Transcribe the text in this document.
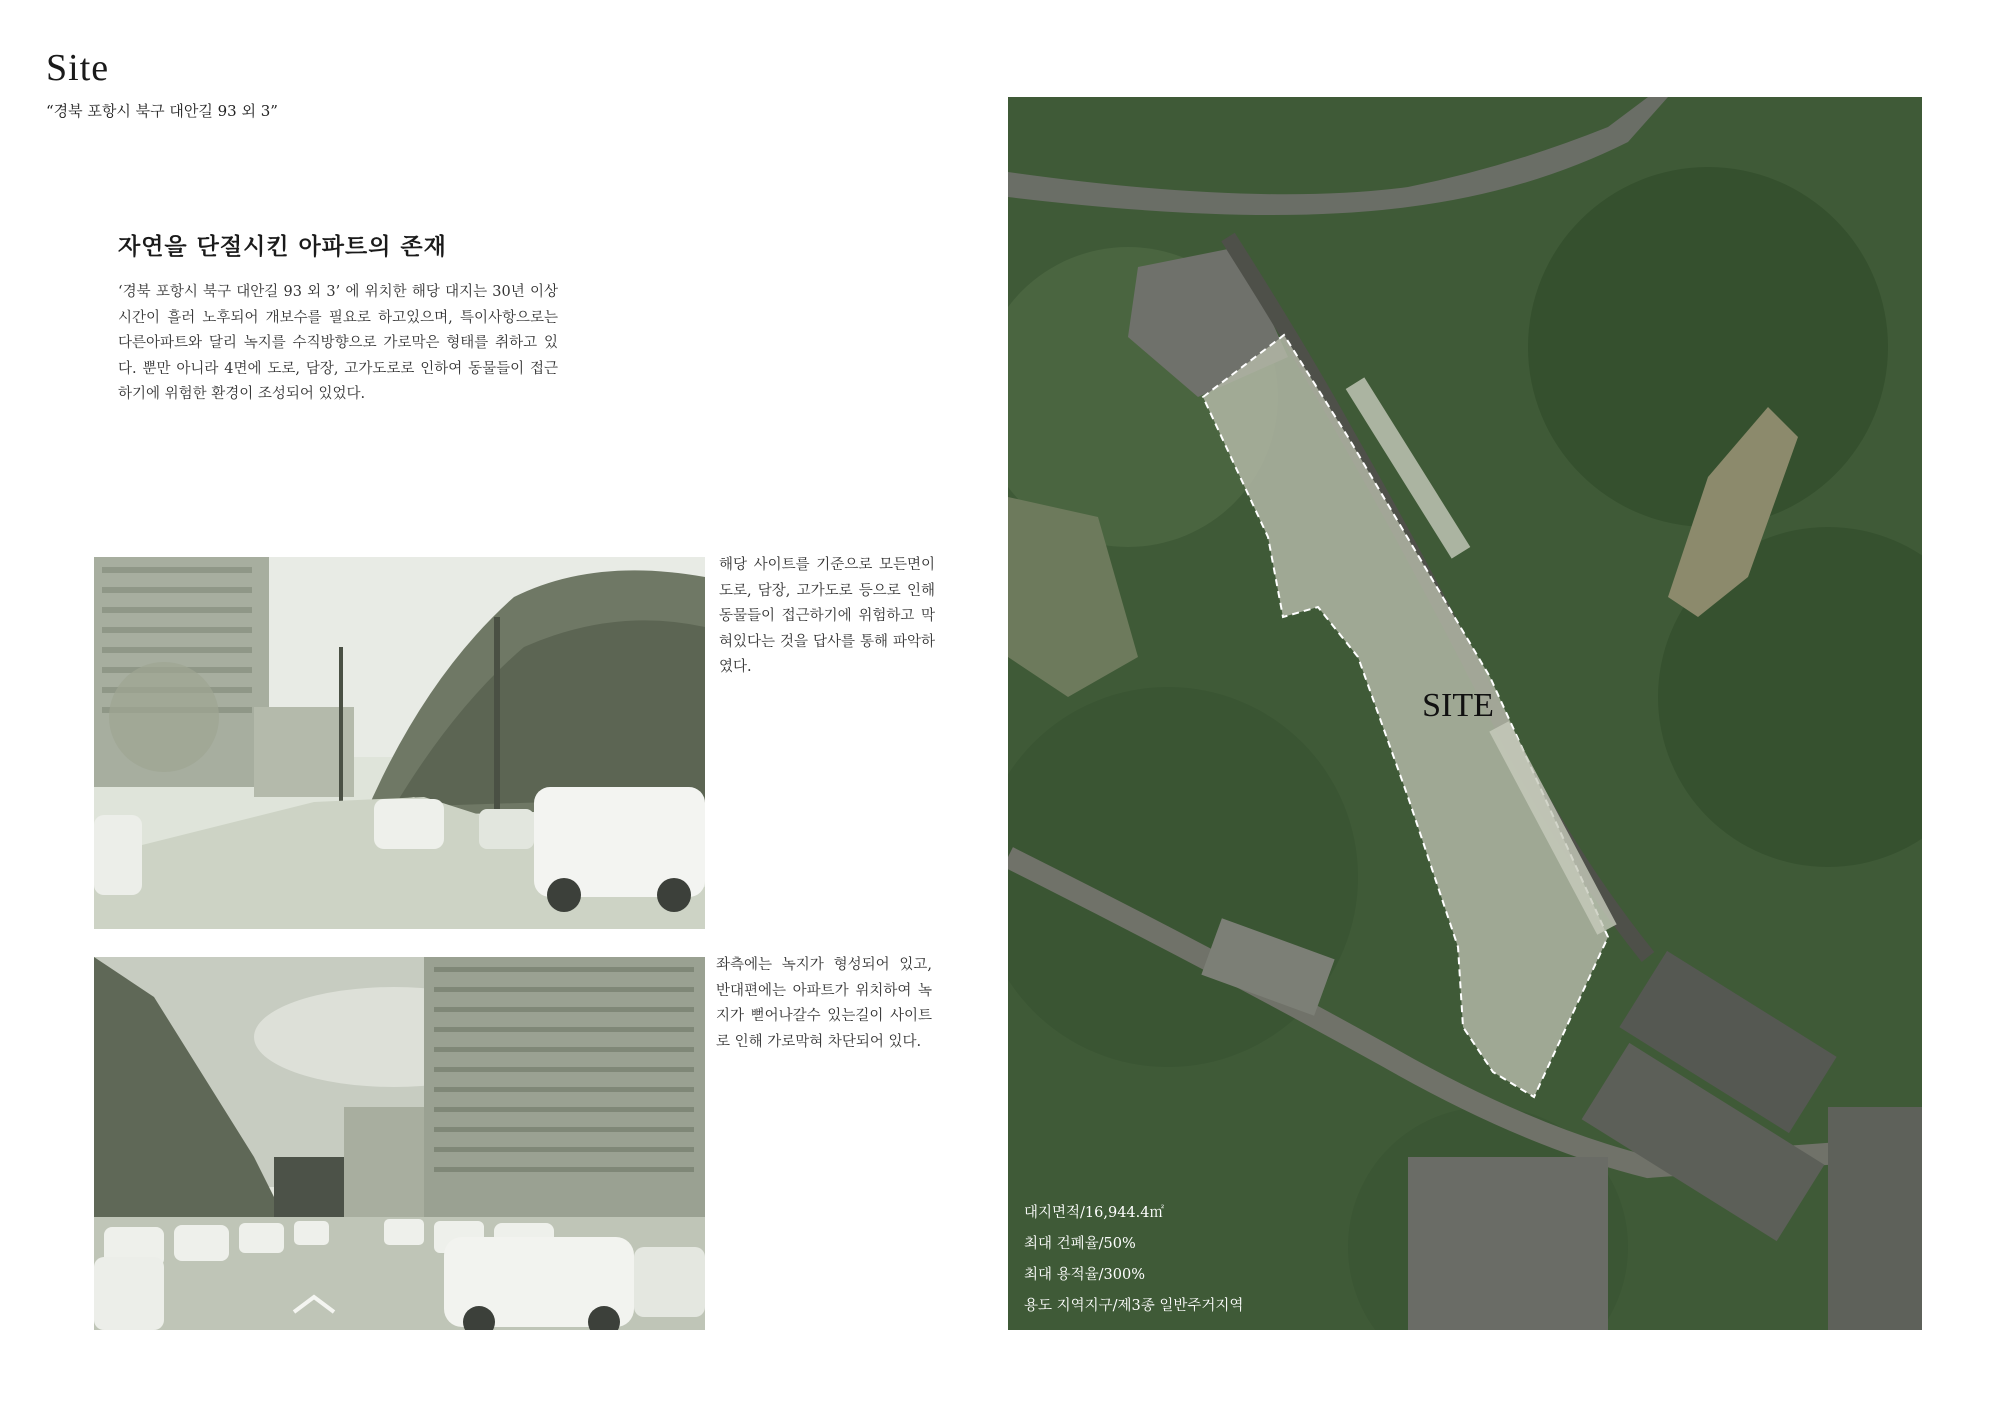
Site
“경북 포항시 북구 대안길 93 외 3”
자연을 단절시킨 아파트의 존재
‘경북 포항시 북구 대안길 93 외 3’ 에 위치한 해당 대지는 30년 이상 시간이 흘러 노후되어 개보수를 필요로 하고있으며, 특이사항으로는 다른아파트와 달리 녹지를 수직방향으로 가로막은 형태를 취하고 있다. 뿐만 아니라 4면에 도로, 담장, 고가도로로 인하여 동물들이 접근하기에 위험한 환경이 조성되어 있었다.
해당 사이트를 기준으로 모든면이 도로, 담장, 고가도로 등으로 인해 동물들이 접근하기에 위험하고 막혀있다는 것을 답사를 통해 파악하였다.
좌측에는 녹지가 형성되어 있고, 반대편에는 아파트가 위치하여 녹지가 뻗어나갈수 있는길이 사이트로 인해 가로막혀 차단되어 있다.
SITE
대지면적/16,944.4㎡
최대 건폐율/50%
최대 용적율/300%
용도 지역지구/제3종 일반주거지역
